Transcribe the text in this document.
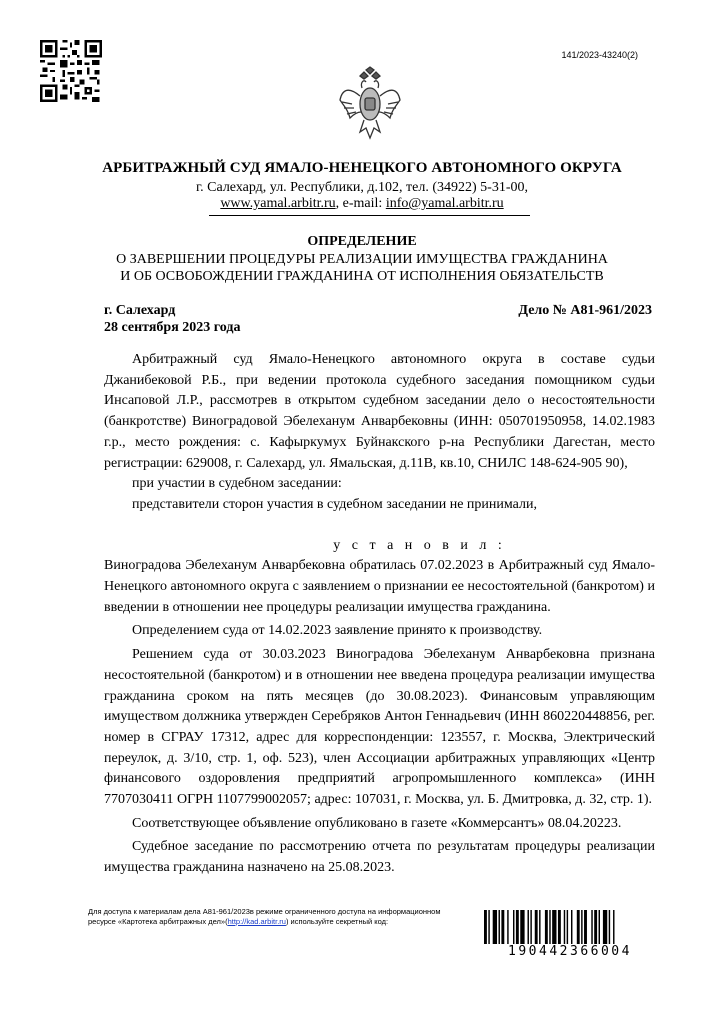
141/2023-43240(2)
АРБИТРАЖНЫЙ СУД ЯМАЛО-НЕНЕЦКОГО АВТОНОМНОГО ОКРУГА
г. Салехард, ул. Республики, д.102, тел. (34922) 5-31-00,
www.yamal.arbitr.ru, e-mail: info@yamal.arbitr.ru
ОПРЕДЕЛЕНИЕ
О ЗАВЕРШЕНИИ ПРОЦЕДУРЫ РЕАЛИЗАЦИИ ИМУЩЕСТВА ГРАЖДАНИНА
И ОБ ОСВОБОЖДЕНИИ ГРАЖДАНИНА ОТ ИСПОЛНЕНИЯ ОБЯЗАТЕЛЬСТВ
г. Салехард
28 сентября 2023 года
Дело № А81-961/2023

Арбитражный суд Ямало-Ненецкого автономного округа в составе судьи Джанибековой Р.Б., при ведении протокола судебного заседания помощником судьи Инсаповой Л.Р., рассмотрев в открытом судебном заседании дело о несостоятельности (банкротстве) Виноградовой Эбелеханум Анварбековны (ИНН: 050701950958, 14.02.1983 г.р., место рождения: с. Кафыркумух Буйнакского р-на Республики Дагестан, место регистрации: 629008, г. Салехард, ул. Ямальская, д.11В, кв.10, СНИЛС 148-624-905 90),

при участии в судебном заседании:

представители сторон участия в судебном заседании не принимали,

у с т а н о в и л :

Виноградова Эбелеханум Анварбековна обратилась 07.02.2023 в Арбитражный суд Ямало-Ненецкого автономного округа с заявлением о признании ее несостоятельной (банкротом) и введении в отношении нее процедуры реализации имущества гражданина.

Определением суда от 14.02.2023 заявление принято к производству.

Решением суда от 30.03.2023 Виноградова Эбелеханум Анварбековна признана несостоятельной (банкротом) и в отношении нее введена процедура реализации имущества гражданина сроком на пять месяцев (до 30.08.2023). Финансовым управляющим имуществом должника утвержден Серебряков Антон Геннадьевич (ИНН 860220448856, рег. номер в СГРАУ 17312, адрес для корреспонденции: 123557, г. Москва, Электрический переулок, д. 3/10, стр. 1, оф. 523), член Ассоциации арбитражных управляющих «Центр финансового оздоровления предприятий агропромышленного комплекса» (ИНН 7707030411 ОГРН 1107799002057; адрес: 107031, г. Москва, ул. Б. Дмитровка, д. 32, стр. 1).

Соответствующее объявление опубликовано в газете «Коммерсантъ» 08.04.20223.

Судебное заседание по рассмотрению отчета по результатам процедуры реализации имущества гражданина назначено на 25.08.2023.

Для доступа к материалам дела А81-961/2023в режиме ограниченного доступа на информационном ресурсе «Картотека арбитражных дел»(http://kad.arbitr.ru) используйте секретный код:
190442366004
